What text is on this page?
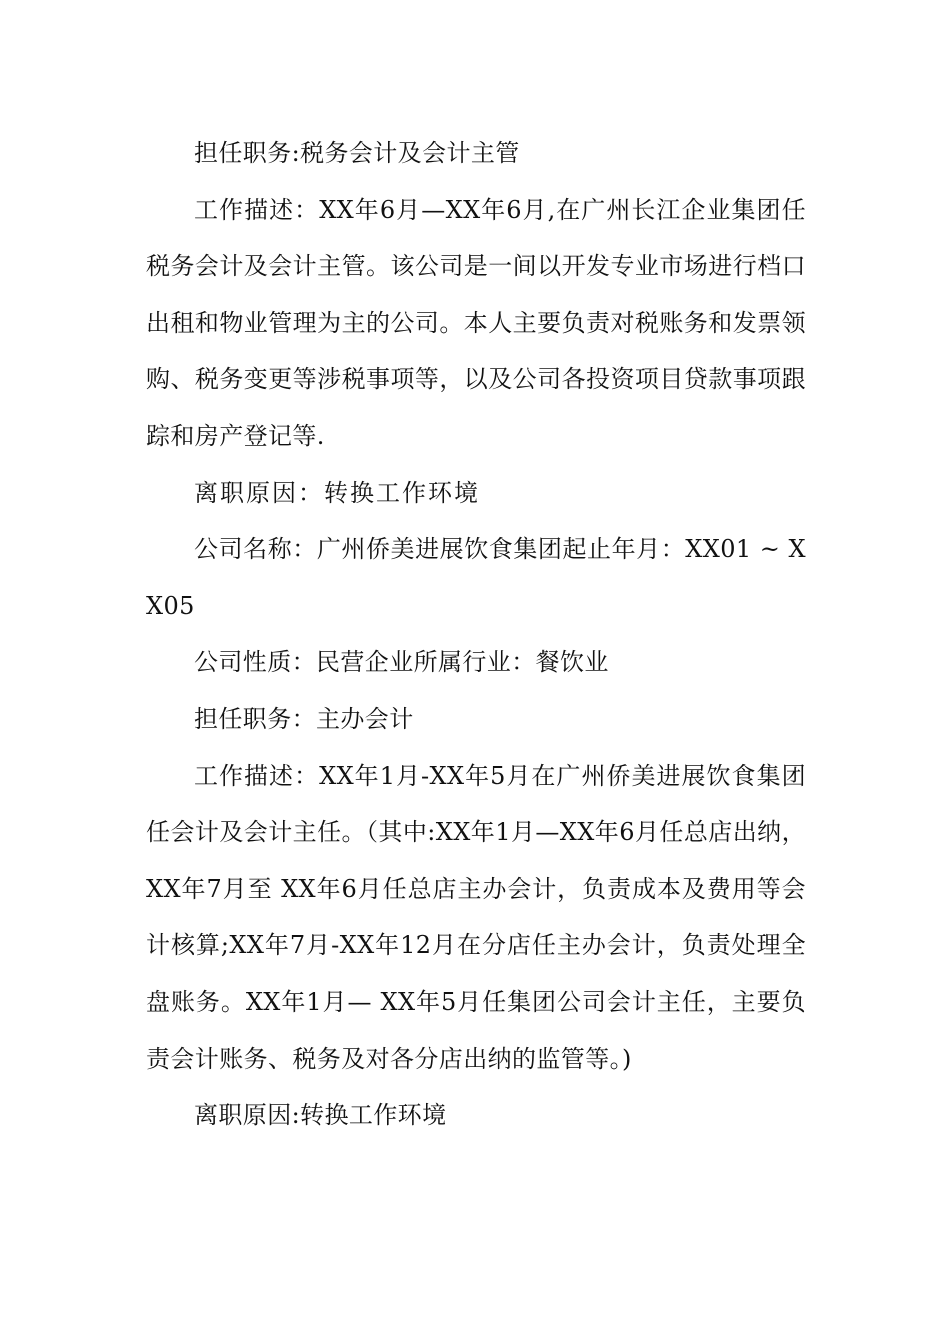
担任职务:税务会计及会计主管

工作描述：XX年6月—XX年6月,在广州长江企业集团任税务会计及会计主管。该公司是一间以开发专业市场进行档口出租和物业管理为主的公司。本人主要负责对税账务和发票领购、税务变更等涉税事项等，以及公司各投资项目贷款事项跟踪和房产登记等.

离职原因：转换工作环境

公司名称：广州侨美进展饮食集团起止年月：XX01 ~ XX05

公司性质：民营企业所属行业：餐饮业

担任职务：主办会计

工作描述：XX年1月-XX年5月在广州侨美进展饮食集团任会计及会计主任。（其中:XX年1月—XX年6月任总店出纳，XX年7月至 XX年6月任总店主办会计，负责成本及费用等会计核算;XX年7月-XX年12月在分店任主办会计，负责处理全盘账务。XX年1月— XX年5月任集团公司会计主任，主要负责会计账务、税务及对各分店出纳的监管等。)

离职原因:转换工作环境
